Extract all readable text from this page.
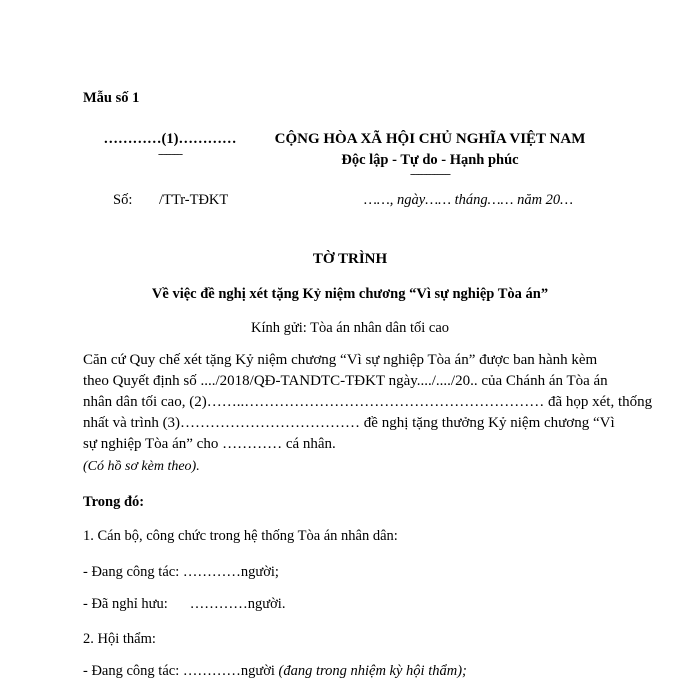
Mẫu số 1
…………(1)…………
---------
CỘNG HÒA XÃ HỘI CHỦ NGHĨA VIỆT NAM
Độc lập - Tự do - Hạnh phúc
---------------
Số: /TTr-TĐKT	……, ngày…… tháng…… năm 20…
TỜ TRÌNH
Về việc đề nghị xét tặng Kỷ niệm chương “Vì sự nghiệp Tòa án”
Kính gửi: Tòa án nhân dân tối cao
Căn cứ Quy chế xét tặng Kỷ niệm chương “Vì sự nghiệp Tòa án” được ban hành kèm
theo Quyết định số ..../2018/QĐ-TANDTC-TĐKT ngày..../..../20.. của Chánh án Tòa án
nhân dân tối cao, (2)……..…………………………………………………… đã họp xét, thống
nhất và trình (3)……………………………… đề nghị tặng thưởng Kỷ niệm chương “Vì
sự nghiệp Tòa án” cho ………… cá nhân.
(Có hồ sơ kèm theo).
Trong đó:
1. Cán bộ, công chức trong hệ thống Tòa án nhân dân:
- Đang công tác: …………người;
- Đã nghỉ hưu: …………người.
2. Hội thẩm:
- Đang công tác: …………người (đang trong nhiệm kỳ hội thẩm);
